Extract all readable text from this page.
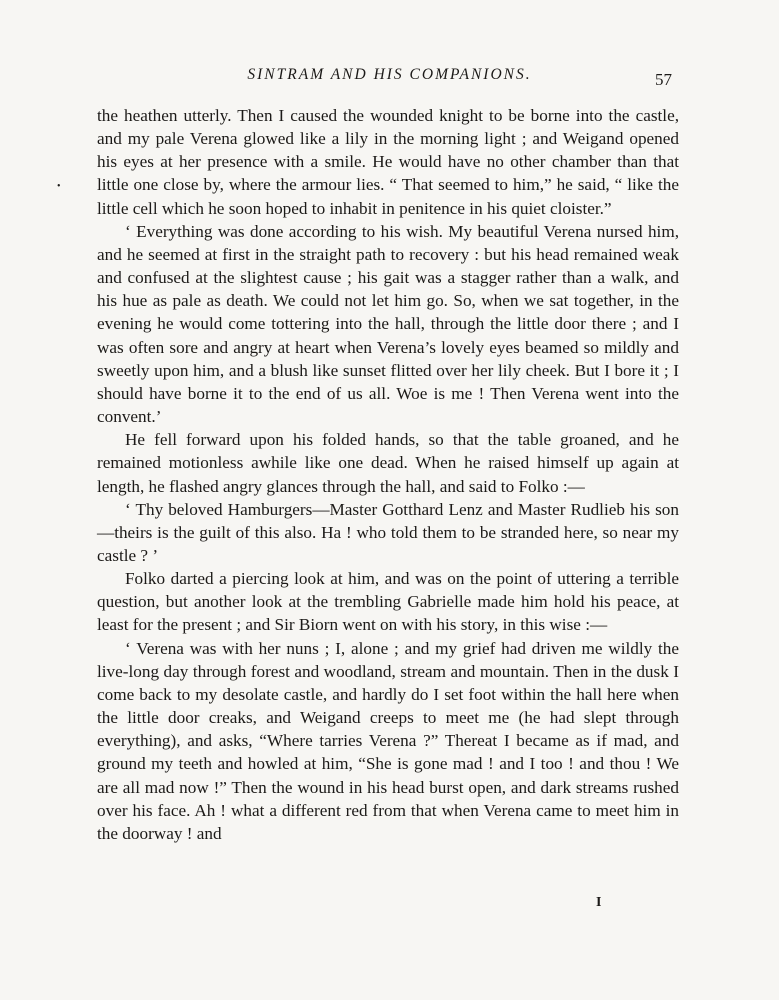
SINTRAM AND HIS COMPANIONS.	57
•

the heathen utterly. Then I caused the wounded knight to be borne into the castle, and my pale Verena glowed like a lily in the morning light ; and Weigand opened his eyes at her presence with a smile. He would have no other chamber than that little one close by, where the armour lies. “ That seemed to him,” he said, “ like the little cell which he soon hoped to inhabit in penitence in his quiet cloister.”

‘ Everything was done according to his wish. My beautiful Verena nursed him, and he seemed at first in the straight path to recovery : but his head remained weak and confused at the slightest cause ; his gait was a stagger rather than a walk, and his hue as pale as death. We could not let him go. So, when we sat together, in the evening he would come tottering into the hall, through the little door there ; and I was often sore and angry at heart when Verena’s lovely eyes beamed so mildly and sweetly upon him, and a blush like sunset flitted over her lily cheek. But I bore it ; I should have borne it to the end of us all. Woe is me ! Then Verena went into the convent.’

He fell forward upon his folded hands, so that the table groaned, and he remained motionless awhile like one dead. When he raised himself up again at length, he flashed angry glances through the hall, and said to Folko :—

‘ Thy beloved Hamburgers—Master Gotthard Lenz and Master Rudlieb his son—theirs is the guilt of this also. Ha ! who told them to be stranded here, so near my castle ? ’

Folko darted a piercing look at him, and was on the point of uttering a terrible question, but another look at the trembling Gabrielle made him hold his peace, at least for the present ; and Sir Biorn went on with his story, in this wise :—

‘ Verena was with her nuns ; I, alone ; and my grief had driven me wildly the live-long day through forest and woodland, stream and mountain. Then in the dusk I come back to my desolate castle, and hardly do I set foot within the hall here when the little door creaks, and Weigand creeps to meet me (he had slept through everything), and asks, “Where tarries Verena ?” Thereat I became as if mad, and ground my teeth and howled at him, “She is gone mad ! and I too ! and thou ! We are all mad now !” Then the wound in his head burst open, and dark streams rushed over his face. Ah ! what a different red from that when Verena came to meet him in the doorway ! and

I
